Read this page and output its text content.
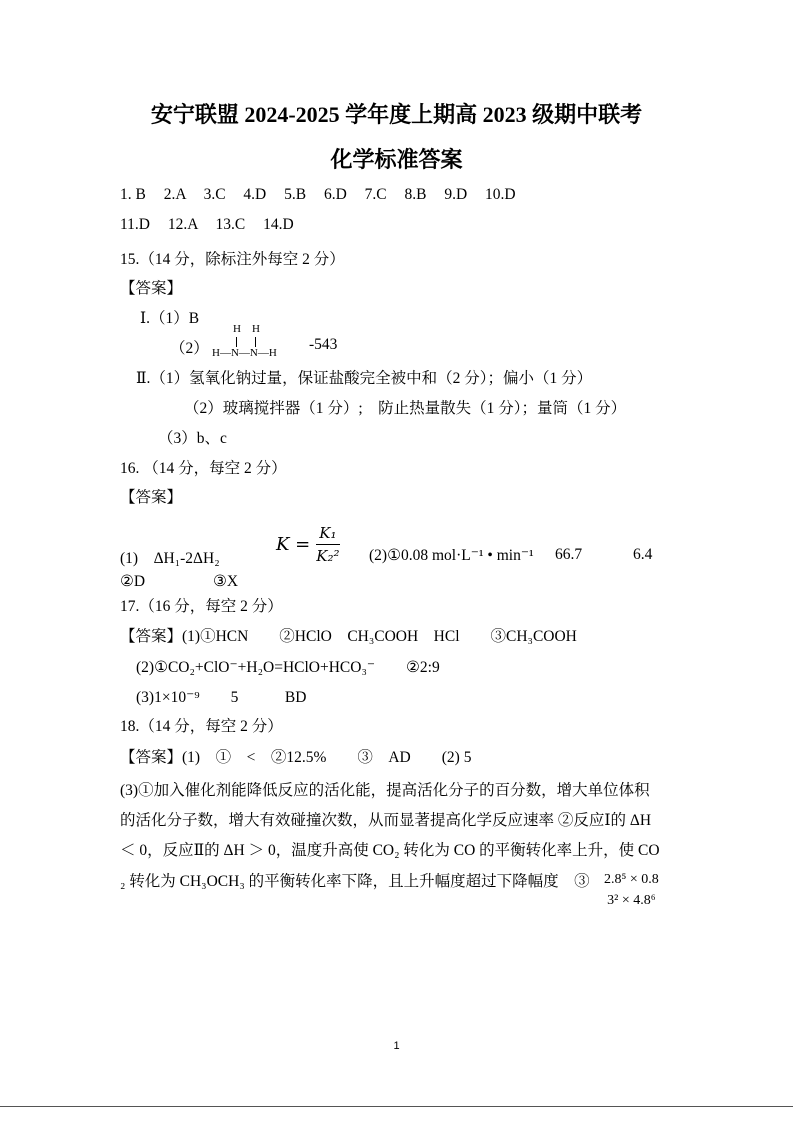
安宁联盟 2024-2025 学年度上期高 2023 级期中联考
化学标准答案
1. B 2.A 3.C 4.D 5.B 6.D 7.C 8.B 9.D 10.D
11.D 12.A 13.C 14.D
15.（14 分，除标注外每空 2 分）
【答案】
Ⅰ.（1）B
（2）
H H
H—N—N—H -543
Ⅱ.（1）氢氧化钠过量，保证盐酸完全被中和（2 分）；偏小（1 分）
（2）玻璃搅拌器（1 分）;　防止热量散失（1 分）；量筒（1 分）
（3）b、c
16. （14 分，每空 2 分）
【答案】
(1)　ΔH₁-2ΔH₂
$K = \frac{\text{K₁}}{\text{K₂²}}$ (2)①0.08 mol·L⁻¹ • min⁻¹ 66.7	6.4
②D	③X
17.（16 分，每空 2 分）
【答案】(1)①HCN　　②HClO　CH₃COOH　HCl　　③CH₃COOH
(2)①CO₂+ClO⁻+H₂O=HClO+HCO₃⁻　　②2:9
(3)1×10⁻⁹　　5　　　BD
18.（14 分，每空 2 分）
【答案】(1)　①　<　②12.5%　　③　AD　　(2) 5
(3)①加入催化剂能降低反应的活化能，提高活化分子的百分数，增大单位体积
的活化分子数，增大有效碰撞次数，从而显著提高化学反应速率 ②反应Ⅰ的 ΔH
＜ 0，反应Ⅱ的 ΔH ＞ 0，温度升高使 CO₂ 转化为 CO 的平衡转化率上升，使 CO
₂ 转化为 CH₃OCH₃ 的平衡转化率下降，且上升幅度超过下降幅度　③ 2.8⁵ × 0.8
3² × 4.8⁶
1
